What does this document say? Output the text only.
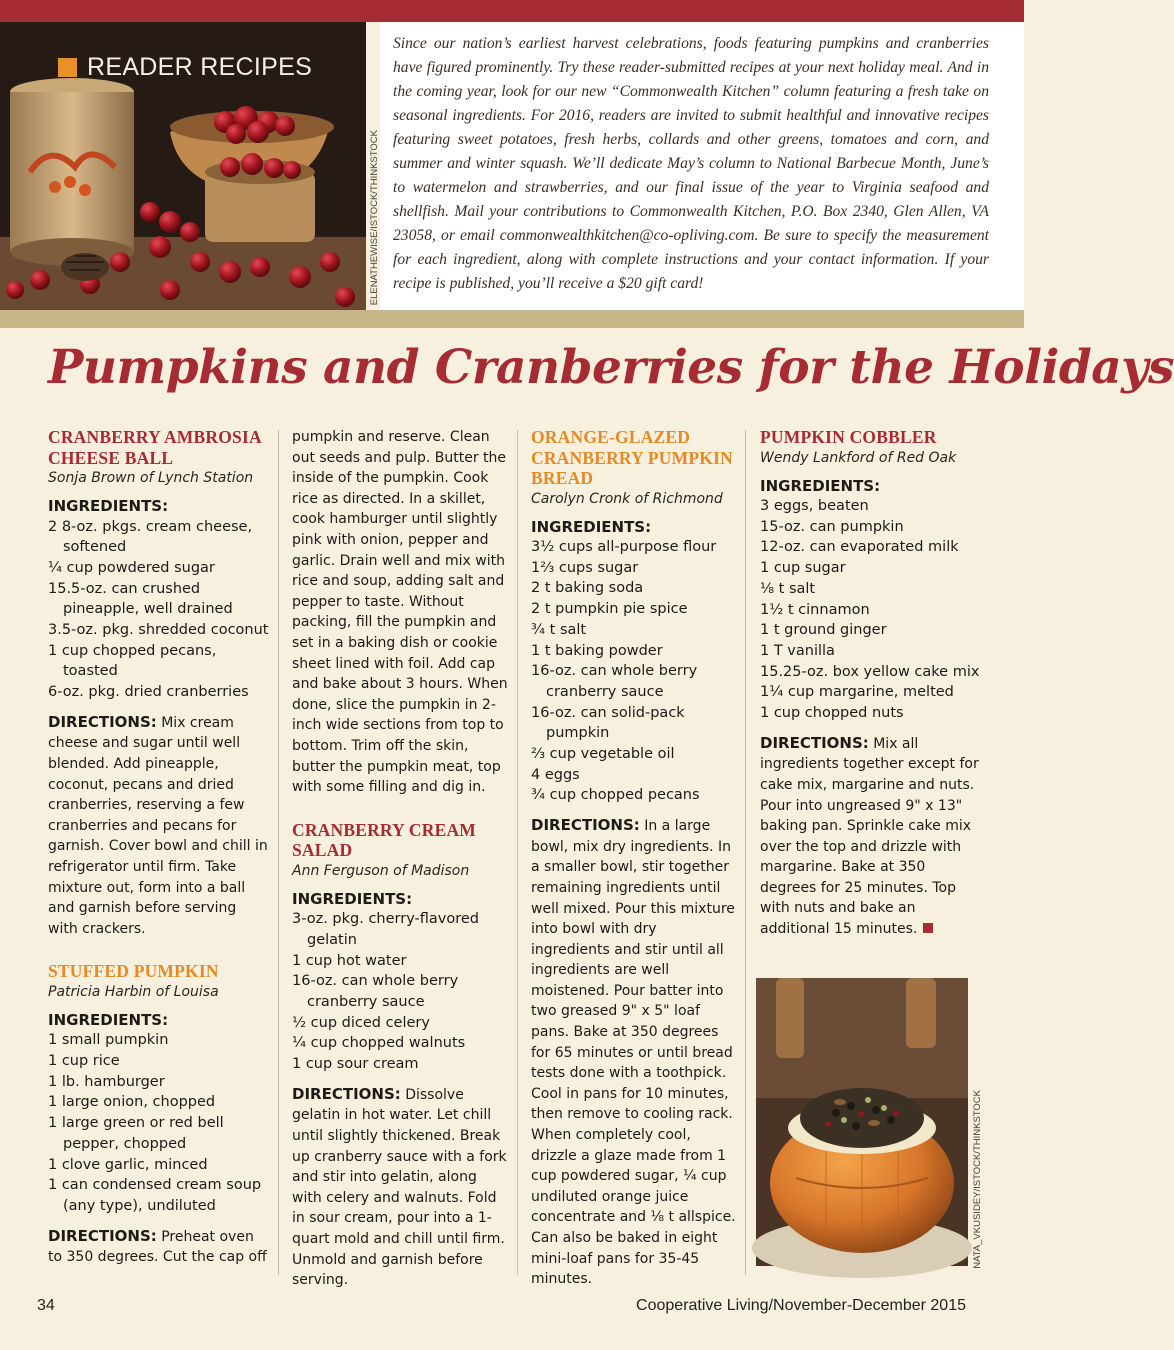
READER RECIPES
ELENATHEWISE/ISTOCK/THINKSTOCK

Since our nation’s earliest harvest celebrations, foods featuring pumpkins and cranberries have figured prominently. Try these reader-submitted recipes at your next holiday meal. And in the coming year, look for our new “Commonwealth Kitchen” column featuring a fresh take on seasonal ingredients. For 2016, readers are invited to submit healthful and innovative recipes featuring sweet potatoes, fresh herbs, collards and other greens, tomatoes and corn, and summer and winter squash. We’ll dedicate May’s column to National Barbecue Month, June’s to watermelon and strawberries, and our final issue of the year to Virginia seafood and shellfish. Mail your contributions to Commonwealth Kitchen, P.O. Box 2340, Glen Allen, VA 23058, or email commonwealthkitchen@co-opliving.com. Be sure to specify the measurement for each ingredient, along with complete instructions and your contact information. If your recipe is published, you’ll receive a $20 gift card!

Pumpkins and Cranberries for the Holidays
CRANBERRY AMBROSIA CHEESE BALL
Sonja Brown of Lynch Station
INGREDIENTS:
2 8-oz. pkgs. cream cheese, softened
¼ cup powdered sugar
15.5-oz. can crushed pineapple, well drained
3.5-oz. pkg. shredded coconut
1 cup chopped pecans, toasted
6-oz. pkg. dried cranberries

DIRECTIONS: Mix cream cheese and sugar until well blended. Add pineapple, coconut, pecans and dried cranberries, reserving a few cranberries and pecans for garnish. Cover bowl and chill in refrigerator until firm. Take mixture out, form into a ball and garnish before serving with crackers.

STUFFED PUMPKIN
Patricia Harbin of Louisa
INGREDIENTS:
1 small pumpkin
1 cup rice
1 lb. hamburger
1 large onion, chopped
1 large green or red bell pepper, chopped
1 clove garlic, minced
1 can condensed cream soup (any type), undiluted

DIRECTIONS: Preheat oven to 350 degrees. Cut the cap off

pumpkin and reserve. Clean out seeds and pulp. Butter the inside of the pumpkin. Cook rice as directed. In a skillet, cook hamburger until slightly pink with onion, pepper and garlic. Drain well and mix with rice and soup, adding salt and pepper to taste. Without packing, fill the pumpkin and set in a baking dish or cookie sheet lined with foil. Add cap and bake about 3 hours. When done, slice the pumpkin in 2-inch wide sections from top to bottom. Trim off the skin, butter the pumpkin meat, top with some filling and dig in.

CRANBERRY CREAM SALAD
Ann Ferguson of Madison
INGREDIENTS:
3-oz. pkg. cherry-flavored gelatin
1 cup hot water
16-oz. can whole berry cranberry sauce
½ cup diced celery
¼ cup chopped walnuts
1 cup sour cream

DIRECTIONS: Dissolve gelatin in hot water. Let chill until slightly thickened. Break up cranberry sauce with a fork and stir into gelatin, along with celery and walnuts. Fold in sour cream, pour into a 1-quart mold and chill until firm. Unmold and garnish before serving.

ORANGE-GLAZED CRANBERRY PUMPKIN BREAD
Carolyn Cronk of Richmond
INGREDIENTS:
3½ cups all-purpose flour
1⅔ cups sugar
2 t baking soda
2 t pumpkin pie spice
¾ t salt
1 t baking powder
16-oz. can whole berry cranberry sauce
16-oz. can solid-pack pumpkin
⅔ cup vegetable oil
4 eggs
¾ cup chopped pecans

DIRECTIONS: In a large bowl, mix dry ingredients. In a smaller bowl, stir together remaining ingredients until well mixed. Pour this mixture into bowl with dry ingredients and stir until all ingredients are well moistened. Pour batter into two greased 9" x 5" loaf pans. Bake at 350 degrees for 65 minutes or until bread tests done with a toothpick. Cool in pans for 10 minutes, then remove to cooling rack. When completely cool, drizzle a glaze made from 1 cup powdered sugar, ¼ cup undiluted orange juice concentrate and ⅛ t allspice. Can also be baked in eight mini-loaf pans for 35-45 minutes.

PUMPKIN COBBLER
Wendy Lankford of Red Oak
INGREDIENTS:
3 eggs, beaten
15-oz. can pumpkin
12-oz. can evaporated milk
1 cup sugar
⅛ t salt
1½ t cinnamon
1 t ground ginger
1 T vanilla
15.25-oz. box yellow cake mix
1¼ cup margarine, melted
1 cup chopped nuts

DIRECTIONS: Mix all ingredients together except for cake mix, margarine and nuts. Pour into ungreased 9" x 13" baking pan. Sprinkle cake mix over the top and drizzle with margarine. Bake at 350 degrees for 25 minutes. Top with nuts and bake an additional 15 minutes.

NATA_VKUSIDEY/ISTOCK/THINKSTOCK
34	Cooperative Living/November-December 2015
